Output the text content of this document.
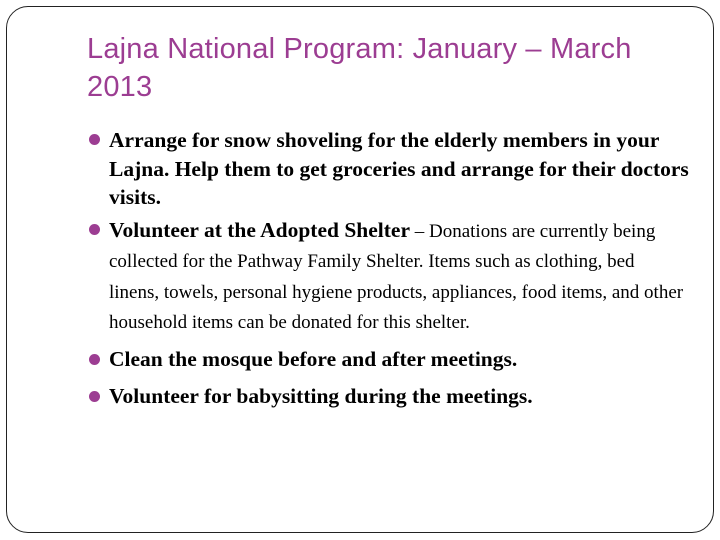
Lajna National Program: January – March 2013
Arrange for snow shoveling for the elderly members in your Lajna. Help them to get groceries and arrange for their doctors visits.
Volunteer at the Adopted Shelter – Donations are currently being collected for the Pathway Family Shelter. Items such as clothing, bed linens, towels, personal hygiene products, appliances, food items, and other household items can be donated for this shelter.
Clean the mosque before and after meetings.
Volunteer for babysitting during the meetings.
